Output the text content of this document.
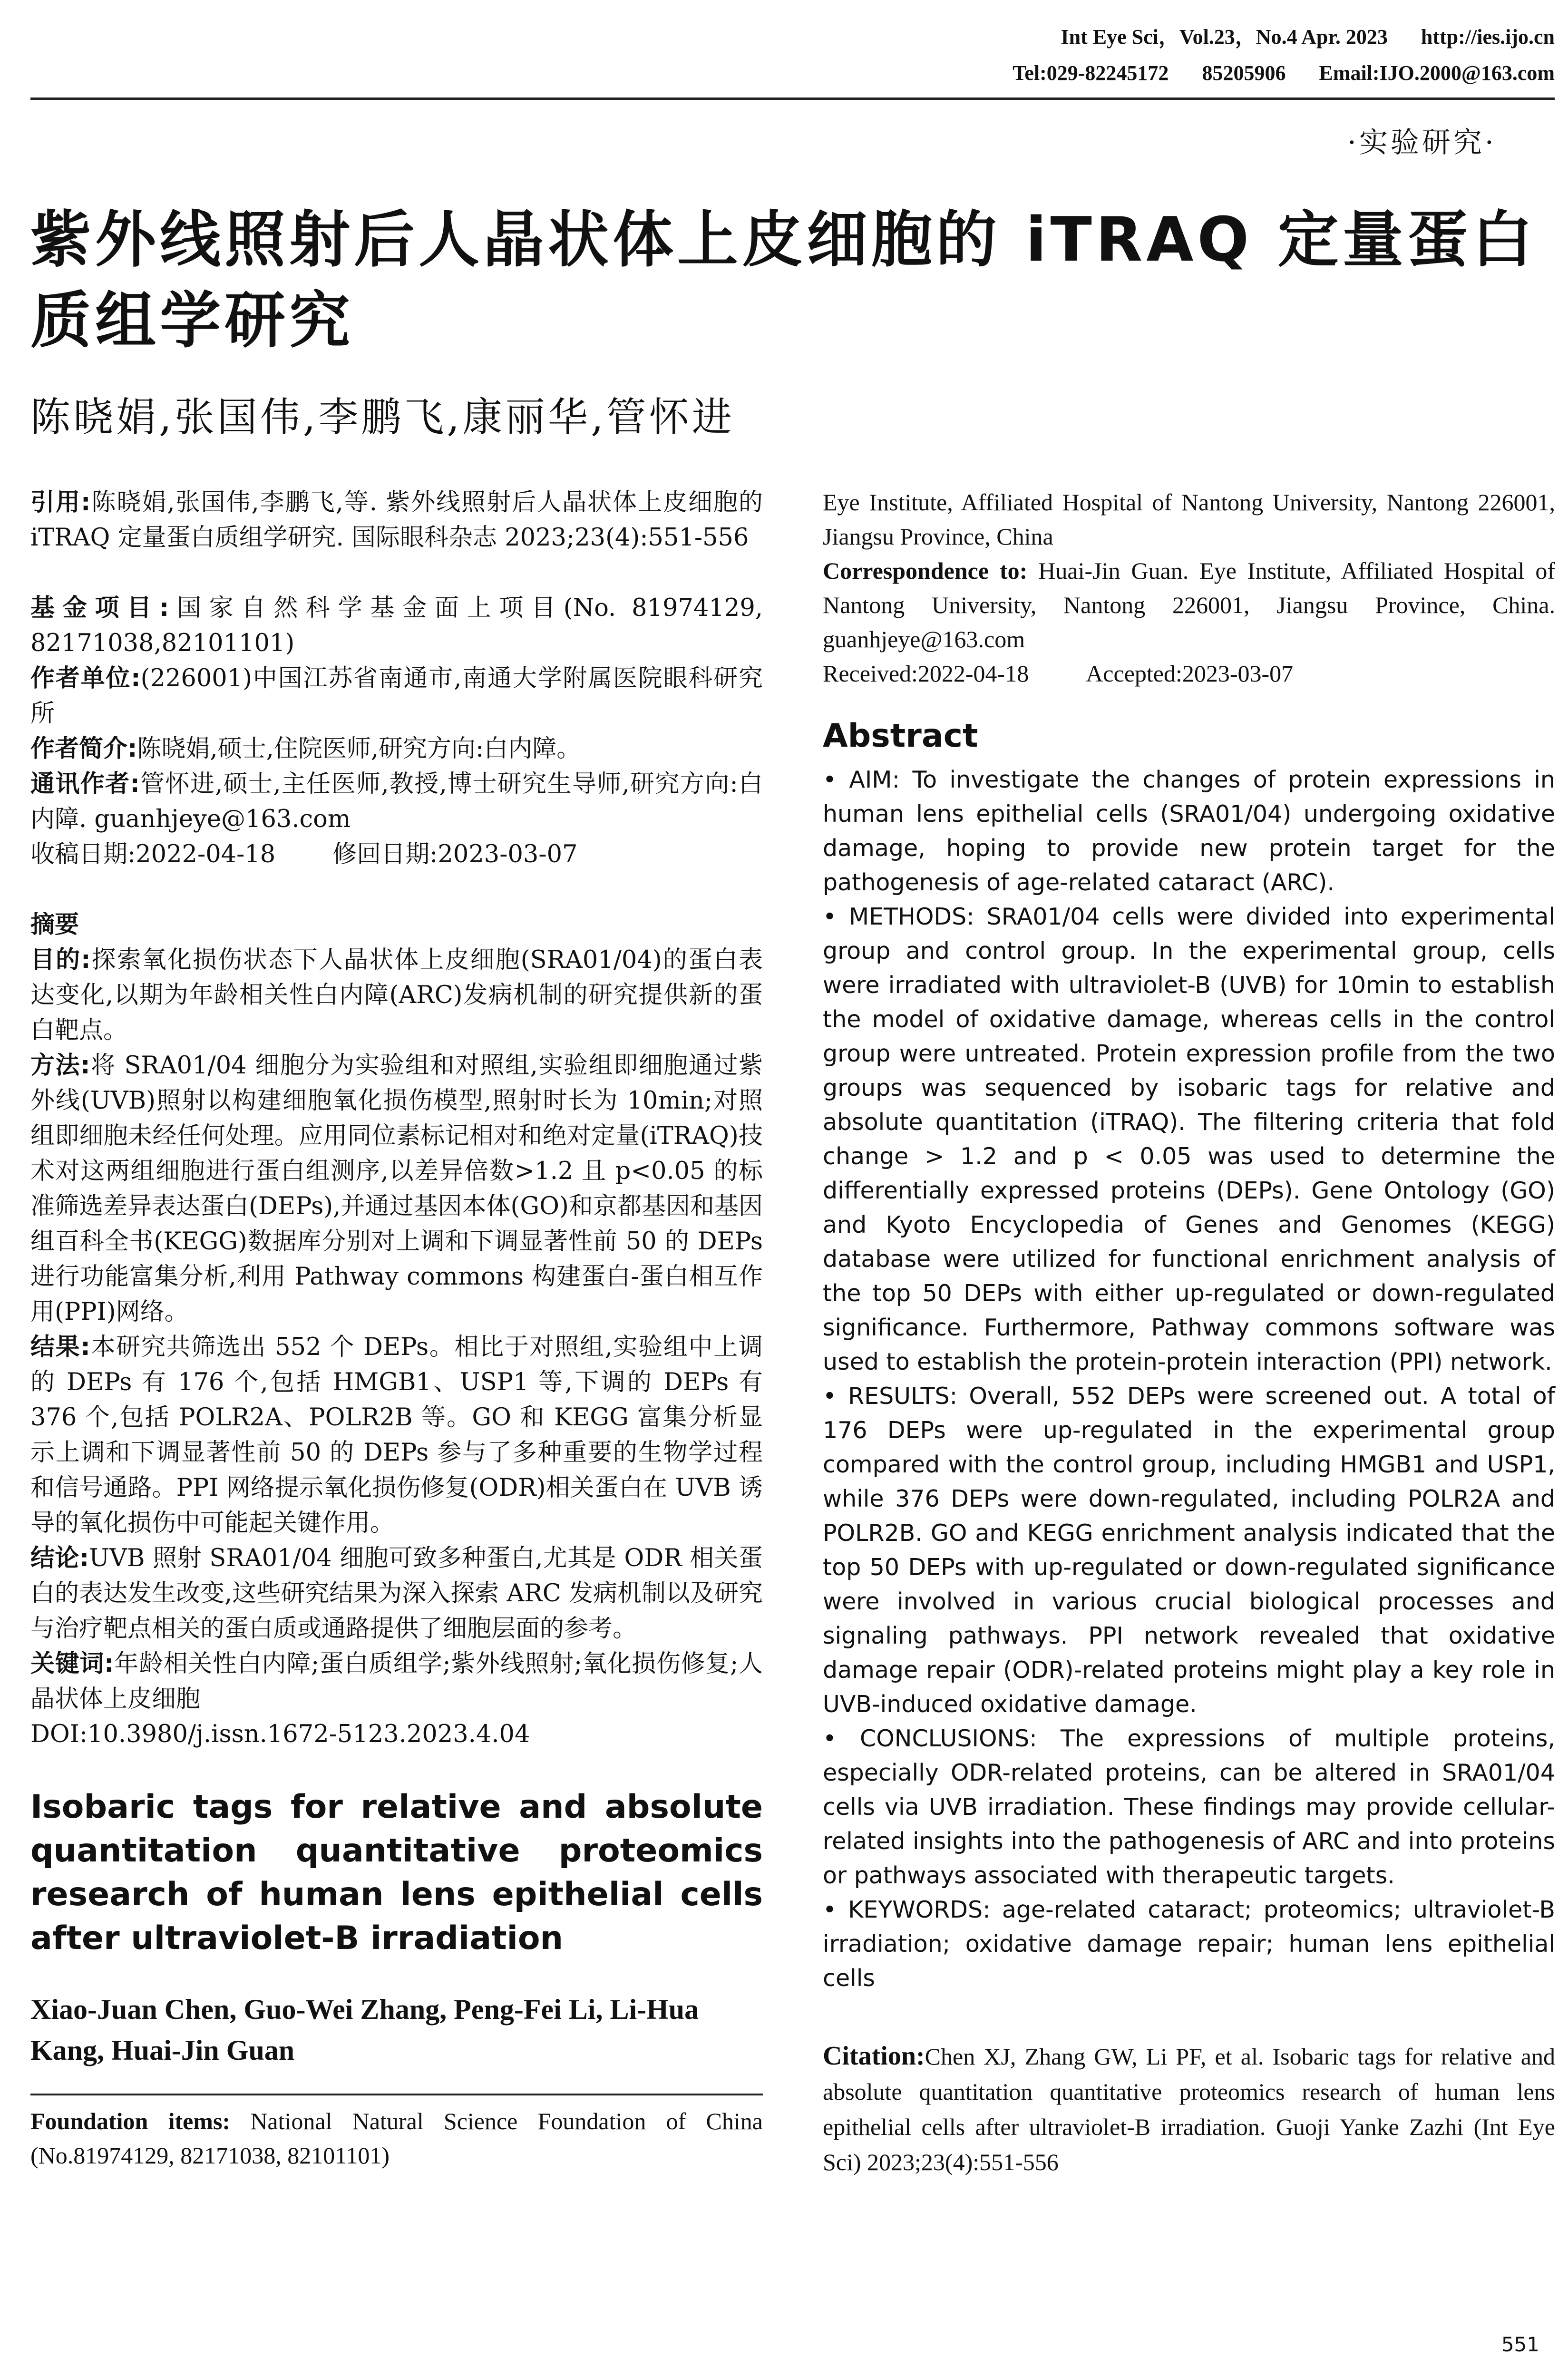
Int Eye Sci，Vol.23，No.4 Apr. 2023 http://ies.ijo.cn
Tel:029-82245172 85205906 Email:IJO.2000@163.com
·实验研究·
紫外线照射后人晶状体上皮细胞的 iTRAQ 定量蛋白质组学研究
陈晓娟,张国伟,李鹏飞,康丽华,管怀进

引用:陈晓娟,张国伟,李鹏飞,等. 紫外线照射后人晶状体上皮细胞的 iTRAQ 定量蛋白质组学研究. 国际眼科杂志 2023;23(4):551-556

基金项目:国家自然科学基金面上项目(No. 81974129, 82171038,82101101)

作者单位:(226001)中国江苏省南通市,南通大学附属医院眼科研究所

作者简介:陈晓娟,硕士,住院医师,研究方向:白内障。

通讯作者:管怀进,硕士,主任医师,教授,博士研究生导师,研究方向:白内障. guanhjeye@163.com

收稿日期:2022-04-18 修回日期:2023-03-07

摘要

目的:探索氧化损伤状态下人晶状体上皮细胞(SRA01/04)的蛋白表达变化,以期为年龄相关性白内障(ARC)发病机制的研究提供新的蛋白靶点。

方法:将 SRA01/04 细胞分为实验组和对照组,实验组即细胞通过紫外线(UVB)照射以构建细胞氧化损伤模型,照射时长为 10min;对照组即细胞未经任何处理。应用同位素标记相对和绝对定量(iTRAQ)技术对这两组细胞进行蛋白组测序,以差异倍数>1.2 且 p<0.05 的标准筛选差异表达蛋白(DEPs),并通过基因本体(GO)和京都基因和基因组百科全书(KEGG)数据库分别对上调和下调显著性前 50 的 DEPs 进行功能富集分析,利用 Pathway commons 构建蛋白-蛋白相互作用(PPI)网络。

结果:本研究共筛选出 552 个 DEPs。相比于对照组,实验组中上调的 DEPs 有 176 个,包括 HMGB1、USP1 等,下调的 DEPs 有 376 个,包括 POLR2A、POLR2B 等。GO 和 KEGG 富集分析显示上调和下调显著性前 50 的 DEPs 参与了多种重要的生物学过程和信号通路。PPI 网络提示氧化损伤修复(ODR)相关蛋白在 UVB 诱导的氧化损伤中可能起关键作用。

结论:UVB 照射 SRA01/04 细胞可致多种蛋白,尤其是 ODR 相关蛋白的表达发生改变,这些研究结果为深入探索 ARC 发病机制以及研究与治疗靶点相关的蛋白质或通路提供了细胞层面的参考。

关键词:年龄相关性白内障;蛋白质组学;紫外线照射;氧化损伤修复;人晶状体上皮细胞

DOI:10.3980/j.issn.1672-5123.2023.4.04

Isobaric tags for relative and absolute quantitation quantitative proteomics research of human lens epithelial cells after ultraviolet-B irradiation
Xiao-Juan Chen, Guo-Wei Zhang, Peng-Fei Li, Li-Hua Kang, Huai-Jin Guan

Foundation items: National Natural Science Foundation of China (No.81974129, 82171038, 82101101)

Eye Institute, Affiliated Hospital of Nantong University, Nantong 226001, Jiangsu Province, China

Correspondence to: Huai-Jin Guan. Eye Institute, Affiliated Hospital of Nantong University, Nantong 226001, Jiangsu Province, China. guanhjeye@163.com

Received:2022-04-18 Accepted:2023-03-07

Abstract

• AIM: To investigate the changes of protein expressions in human lens epithelial cells (SRA01/04) undergoing oxidative damage, hoping to provide new protein target for the pathogenesis of age-related cataract (ARC).

• METHODS: SRA01/04 cells were divided into experimental group and control group. In the experimental group, cells were irradiated with ultraviolet-B (UVB) for 10min to establish the model of oxidative damage, whereas cells in the control group were untreated. Protein expression profile from the two groups was sequenced by isobaric tags for relative and absolute quantitation (iTRAQ). The filtering criteria that fold change > 1.2 and p < 0.05 was used to determine the differentially expressed proteins (DEPs). Gene Ontology (GO) and Kyoto Encyclopedia of Genes and Genomes (KEGG) database were utilized for functional enrichment analysis of the top 50 DEPs with either up-regulated or down-regulated significance. Furthermore, Pathway commons software was used to establish the protein-protein interaction (PPI) network.

• RESULTS: Overall, 552 DEPs were screened out. A total of 176 DEPs were up-regulated in the experimental group compared with the control group, including HMGB1 and USP1, while 376 DEPs were down-regulated, including POLR2A and POLR2B. GO and KEGG enrichment analysis indicated that the top 50 DEPs with up-regulated or down-regulated significance were involved in various crucial biological processes and signaling pathways. PPI network revealed that oxidative damage repair (ODR)-related proteins might play a key role in UVB-induced oxidative damage.

• CONCLUSIONS: The expressions of multiple proteins, especially ODR-related proteins, can be altered in SRA01/04 cells via UVB irradiation. These findings may provide cellular-related insights into the pathogenesis of ARC and into proteins or pathways associated with therapeutic targets.

• KEYWORDS: age-related cataract; proteomics; ultraviolet-B irradiation; oxidative damage repair; human lens epithelial cells

Citation:Chen XJ, Zhang GW, Li PF, et al. Isobaric tags for relative and absolute quantitation quantitative proteomics research of human lens epithelial cells after ultraviolet-B irradiation. Guoji Yanke Zazhi (Int Eye Sci) 2023;23(4):551-556

551
